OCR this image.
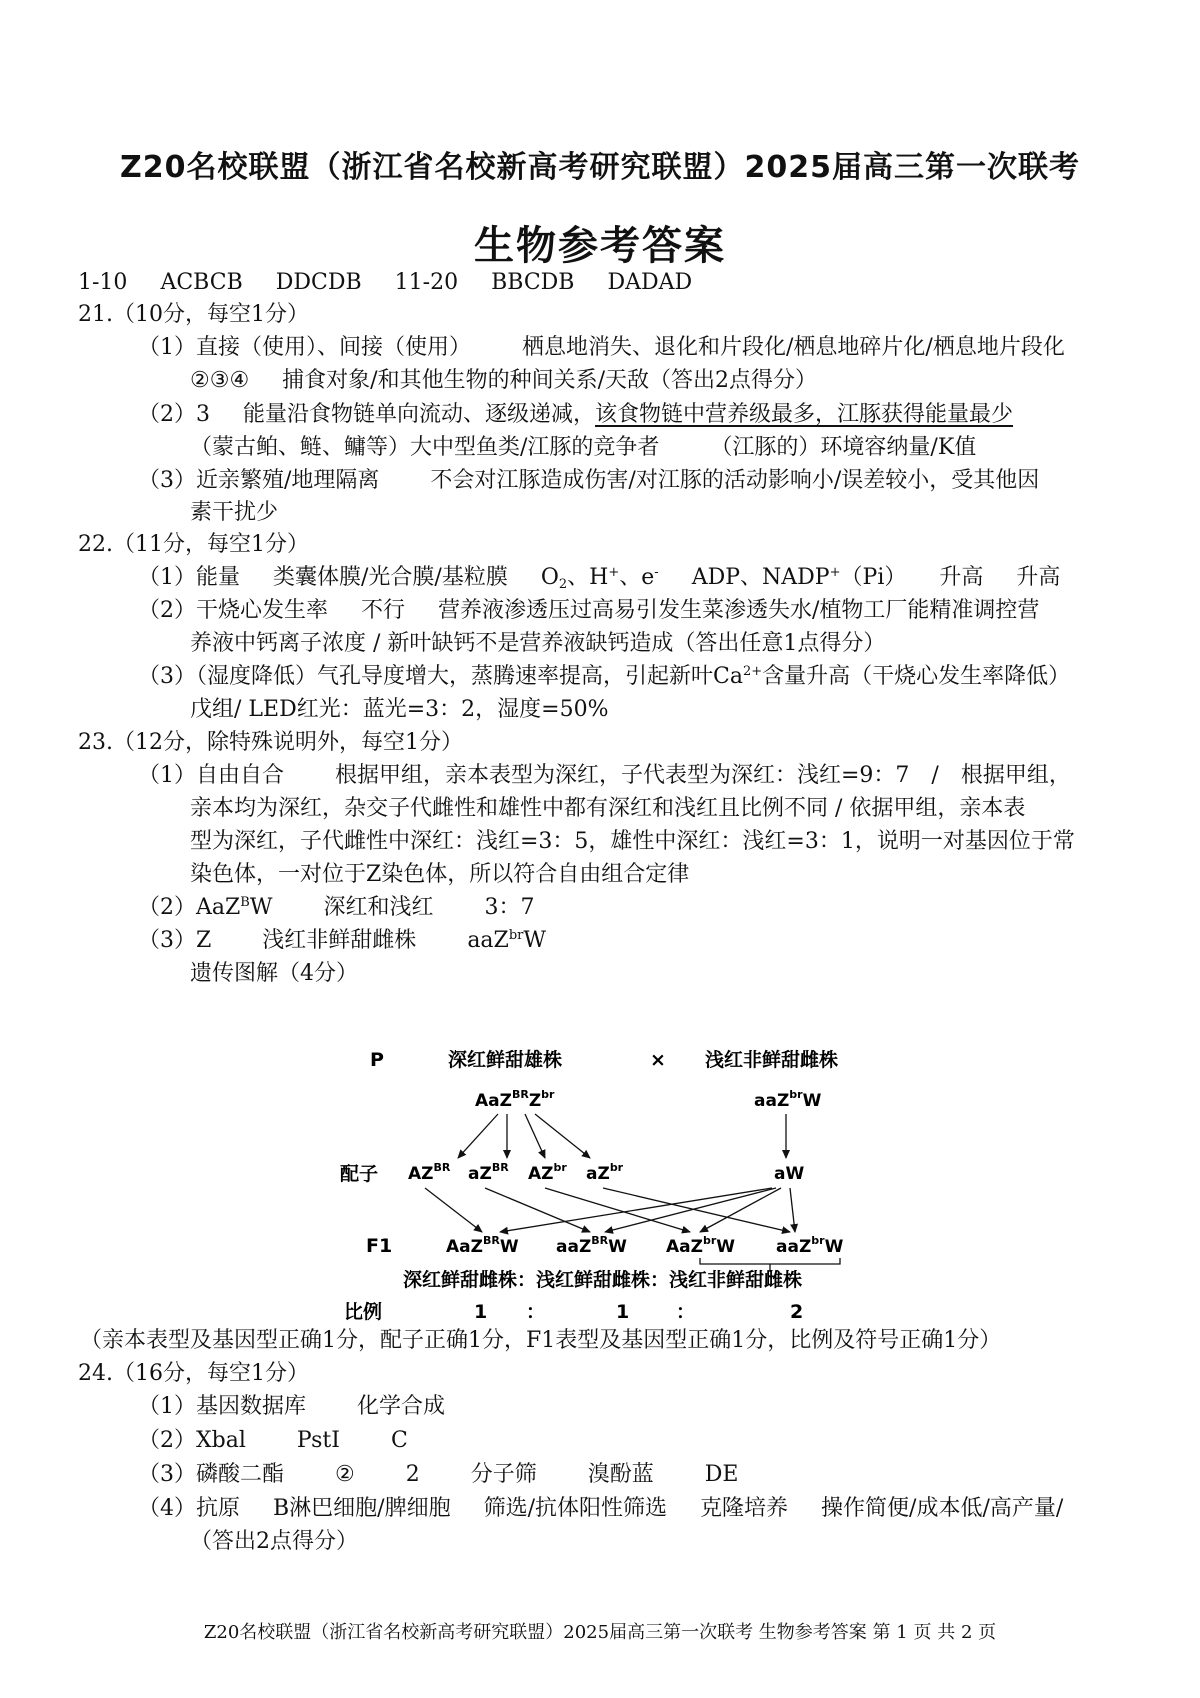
Z20名校联盟（浙江省名校新高考研究联盟）2025届高三第一次联考
生物参考答案
1-10 ACBCB DDCDB 11-20 BBCDB DADAD
21.（10分，每空1分）
（1）直接（使用）、间接（使用） 栖息地消失、退化和片段化/栖息地碎片化/栖息地片段化
②③④ 捕食对象/和其他生物的种间关系/天敌（答出2点得分）
（2）3 能量沿食物链单向流动、逐级递减，该食物链中营养级最多，江豚获得能量最少
（蒙古鲌、鲢、鳙等）大中型鱼类/江豚的竞争者 （江豚的）环境容纳量/K值
（3）近亲繁殖/地理隔离 不会对江豚造成伤害/对江豚的活动影响小/误差较小，受其他因
素干扰少
22.（11分，每空1分）
（1）能量 类囊体膜/光合膜/基粒膜 $O_2$、H+、e- ADP、NADP+（Pi） 升高 升高
（2）干烧心发生率 不行 营养液渗透压过高易引发生菜渗透失水/植物工厂能精准调控营
养液中钙离子浓度 / 新叶缺钙不是营养液缺钙造成（答出任意1点得分）
（3）（湿度降低）气孔导度增大，蒸腾速率提高，引起新叶$Ca^{2+}$含量升高（干烧心发生率降低）
戊组/ LED红光：蓝光=3：2，湿度=50%
23.（12分，除特殊说明外，每空1分）
（1）自由自合 根据甲组，亲本表型为深红，子代表型为深红：浅红=9：7　/　根据甲组，
亲本均为深红，杂交子代雌性和雄性中都有深红和浅红且比例不同 / 依据甲组，亲本表
型为深红，子代雌性中深红：浅红=3：5，雄性中深红：浅红=3：1，说明一对基因位于常
染色体，一对位于Z染色体，所以符合自由组合定律
（2）AaZ$^B$W 深红和浅红 3：7
（3）Z 浅红非鲜甜雌株 aaZ$^{br}$W
遗传图解（4分）
P	深红鲜甜雄株	× 浅红非鲜甜雌株
$AaZ^{BR}Z^{br}$	aaZ$^{br}$W
配子 $AZ^{BR}$ $aZ^{BR}$ $AZ^{br}$ $aZ^{br}$	aW
F1	AaZ$^{BR}$W aaZ$^{BR}$W AaZ$^{br}$W aaZ$^{br}$W
深红鲜甜雌株：浅红鲜甜雌株：浅红非鲜甜雌株
比例	1 ：	1 ：	2
（亲本表型及基因型正确1分，配子正确1分，F1表型及基因型正确1分，比例及符号正确1分）
24.（16分，每空1分）
（1）基因数据库 化学合成
（2）Xbal PstI C
（3）磷酸二酯 ② 2 分子筛 溴酚蓝 DE
（4）抗原 B淋巴细胞/脾细胞 筛选/抗体阳性筛选 克隆培养 操作简便/成本低/高产量/
（答出2点得分）
Z20名校联盟（浙江省名校新高考研究联盟）2025届高三第一次联考 生物参考答案 第 1 页 共 2 页
